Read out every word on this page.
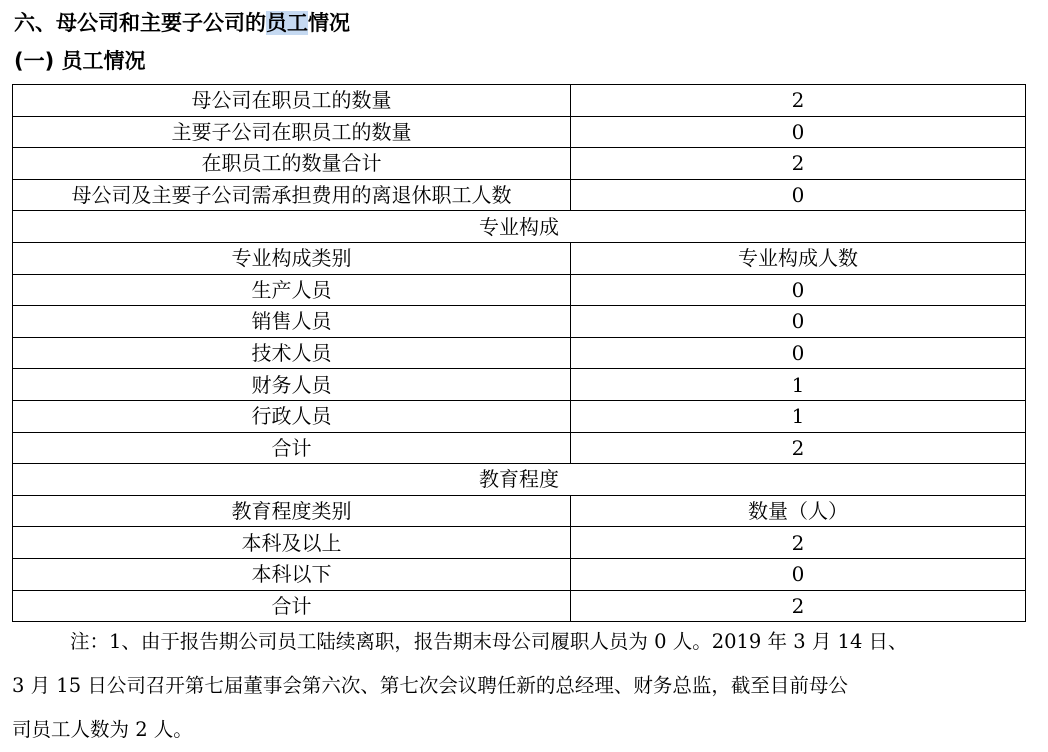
六、母公司和主要子公司的员工情况
(一) 员工情况
母公司在职员工的数量	2
主要子公司在职员工的数量	0
在职员工的数量合计	2
母公司及主要子公司需承担费用的离退休职工人数	0
专业构成	
专业构成类别	专业构成人数
生产人员	0
销售人员	0
技术人员	0
财务人员	1
行政人员	1
合计	2
教育程度	
教育程度类别	数量（人）
本科及以上	2
本科以下	0
合计	2
注：1、由于报告期公司员工陆续离职，报告期末母公司履职人员为 0 人。2019 年 3 月 14 日、
3 月 15 日公司召开第七届董事会第六次、第七次会议聘任新的总经理、财务总监，截至目前母公
司员工人数为 2 人。
